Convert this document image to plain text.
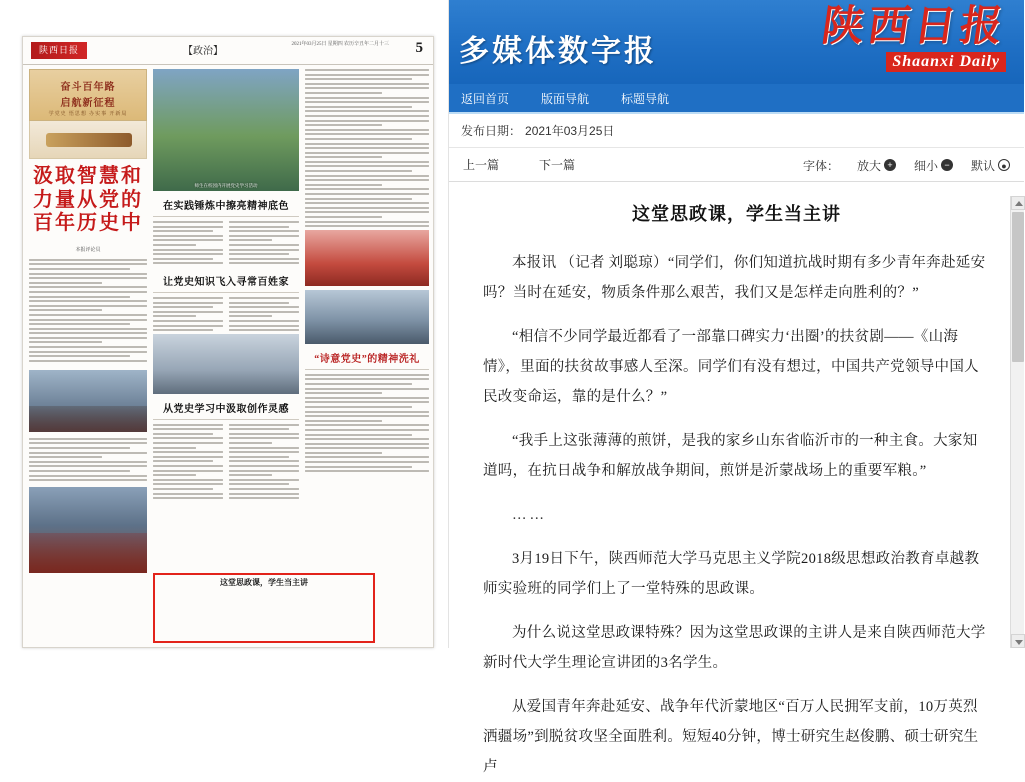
陕西日报	【政治】
2021年03月25日 星期四 农历辛丑年二月十三 5
奋斗百年路
启航新征程
学党史 悟思想 办实事 开新局
汲取智慧和力量从党的百年历史中
本报评论员
师生在校园内开展党史学习活动
在实践锤炼中擦亮精神底色
让党史知识飞入寻常百姓家
从党史学习中汲取创作灵感
“诗意党史”的精神洗礼
这堂思政课，学生当主讲
多媒体数字报
陕西日报
Shaanxi Daily
返回首页	版面导航	标题导航
发布日期： 2021年03月25日
上一篇	下一篇	字体： 放大 + 细小 − 默认 ●
这堂思政课，学生当主讲

本报讯 （记者 刘聪琼）“同学们，你们知道抗战时期有多少青年奔赴延安吗？当时在延安，物质条件那么艰苦，我们又是怎样走向胜利的？”

“相信不少同学最近都看了一部靠口碑实力‘出圈’的扶贫剧——《山海情》，里面的扶贫故事感人至深。同学们有没有想过，中国共产党领导中国人民改变命运，靠的是什么？”

“我手上这张薄薄的煎饼，是我的家乡山东省临沂市的一种主食。大家知道吗，在抗日战争和解放战争期间，煎饼是沂蒙战场上的重要军粮。”

……

3月19日下午，陕西师范大学马克思主义学院2018级思想政治教育卓越教师实验班的同学们上了一堂特殊的思政课。

为什么说这堂思政课特殊？因为这堂思政课的主讲人是来自陕西师范大学新时代大学生理论宣讲团的3名学生。

从爱国青年奔赴延安、战争年代沂蒙地区“百万人民拥军支前，10万英烈洒疆场”到脱贫攻坚全面胜利。短短40分钟，博士研究生赵俊鹏、硕士研究生卢
